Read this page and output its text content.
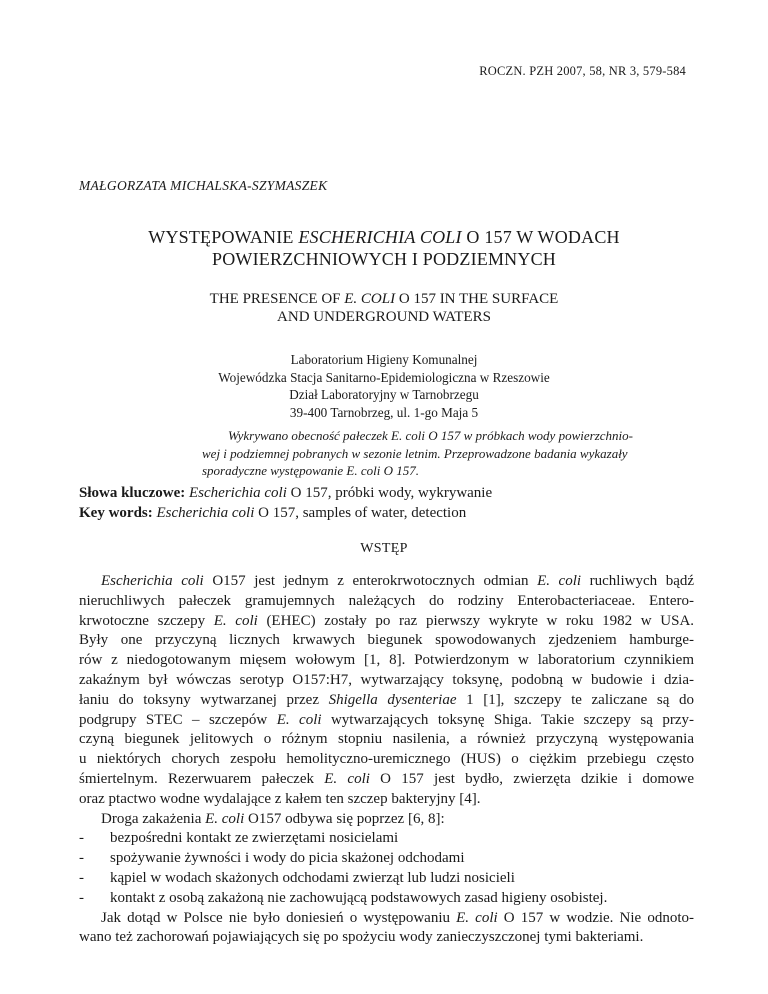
ROCZN. PZH 2007, 58, NR 3, 579-584
MAŁGORZATA MICHALSKA-SZYMASZEK
WYSTĘPOWANIE ESCHERICHIA COLI O 157 W WODACH
POWIERZCHNIOWYCH I PODZIEMNYCH
THE PRESENCE OF E. COLI O 157 IN THE SURFACE
AND UNDERGROUND WATERS
Laboratorium Higieny Komunalnej
Wojewódzka Stacja Sanitarno-Epidemiologiczna w Rzeszowie
Dział Laboratoryjny w Tarnobrzegu
39-400 Tarnobrzeg, ul. 1-go Maja 5
Wykrywano obecność pałeczek E. coli O 157 w próbkach wody powierzchnio-
wej i podziemnej pobranych w sezonie letnim. Przeprowadzone badania wykazały
sporadyczne występowanie E. coli O 157.
Słowa kluczowe: Escherichia coli O 157, próbki wody, wykrywanie
Key words: Escherichia coli O 157, samples of water, detection
WSTĘP
Escherichia coli O157 jest jednym z enterokrwotocznych odmian E. coli ruchliwych bądź
nieruchliwych pałeczek gramujemnych należących do rodziny Enterobacteriaceae. Entero-
krwotoczne szczepy E. coli (EHEC) zostały po raz pierwszy wykryte w roku 1982 w USA.
Były one przyczyną licznych krwawych biegunek spowodowanych zjedzeniem hamburge-
rów z niedogotowanym mięsem wołowym [1, 8]. Potwierdzonym w laboratorium czynnikiem
zakaźnym był wówczas serotyp O157:H7, wytwarzający toksynę, podobną w budowie i dzia-
łaniu do toksyny wytwarzanej przez Shigella dysenteriae 1 [1], szczepy te zaliczane są do
podgrupy STEC – szczepów E. coli wytwarzających toksynę Shiga. Takie szczepy są przy-
czyną biegunek jelitowych o różnym stopniu nasilenia, a również przyczyną występowania
u niektórych chorych zespołu hemolityczno-uremicznego (HUS) o ciężkim przebiegu często
śmiertelnym. Rezerwuarem pałeczek E. coli O 157 jest bydło, zwierzęta dzikie i domowe
oraz ptactwo wodne wydalające z kałem ten szczep bakteryjny [4].
Droga zakażenia E. coli O157 odbywa się poprzez [6, 8]:
- bezpośredni kontakt ze zwierzętami nosicielami
- spożywanie żywności i wody do picia skażonej odchodami
- kąpiel w wodach skażonych odchodami zwierząt lub ludzi nosicieli
- kontakt z osobą zakażoną nie zachowującą podstawowych zasad higieny osobistej.
Jak dotąd w Polsce nie było doniesień o występowaniu E. coli O 157 w wodzie. Nie odnoto-
wano też zachorowań pojawiających się po spożyciu wody zanieczyszczonej tymi bakteriami.
